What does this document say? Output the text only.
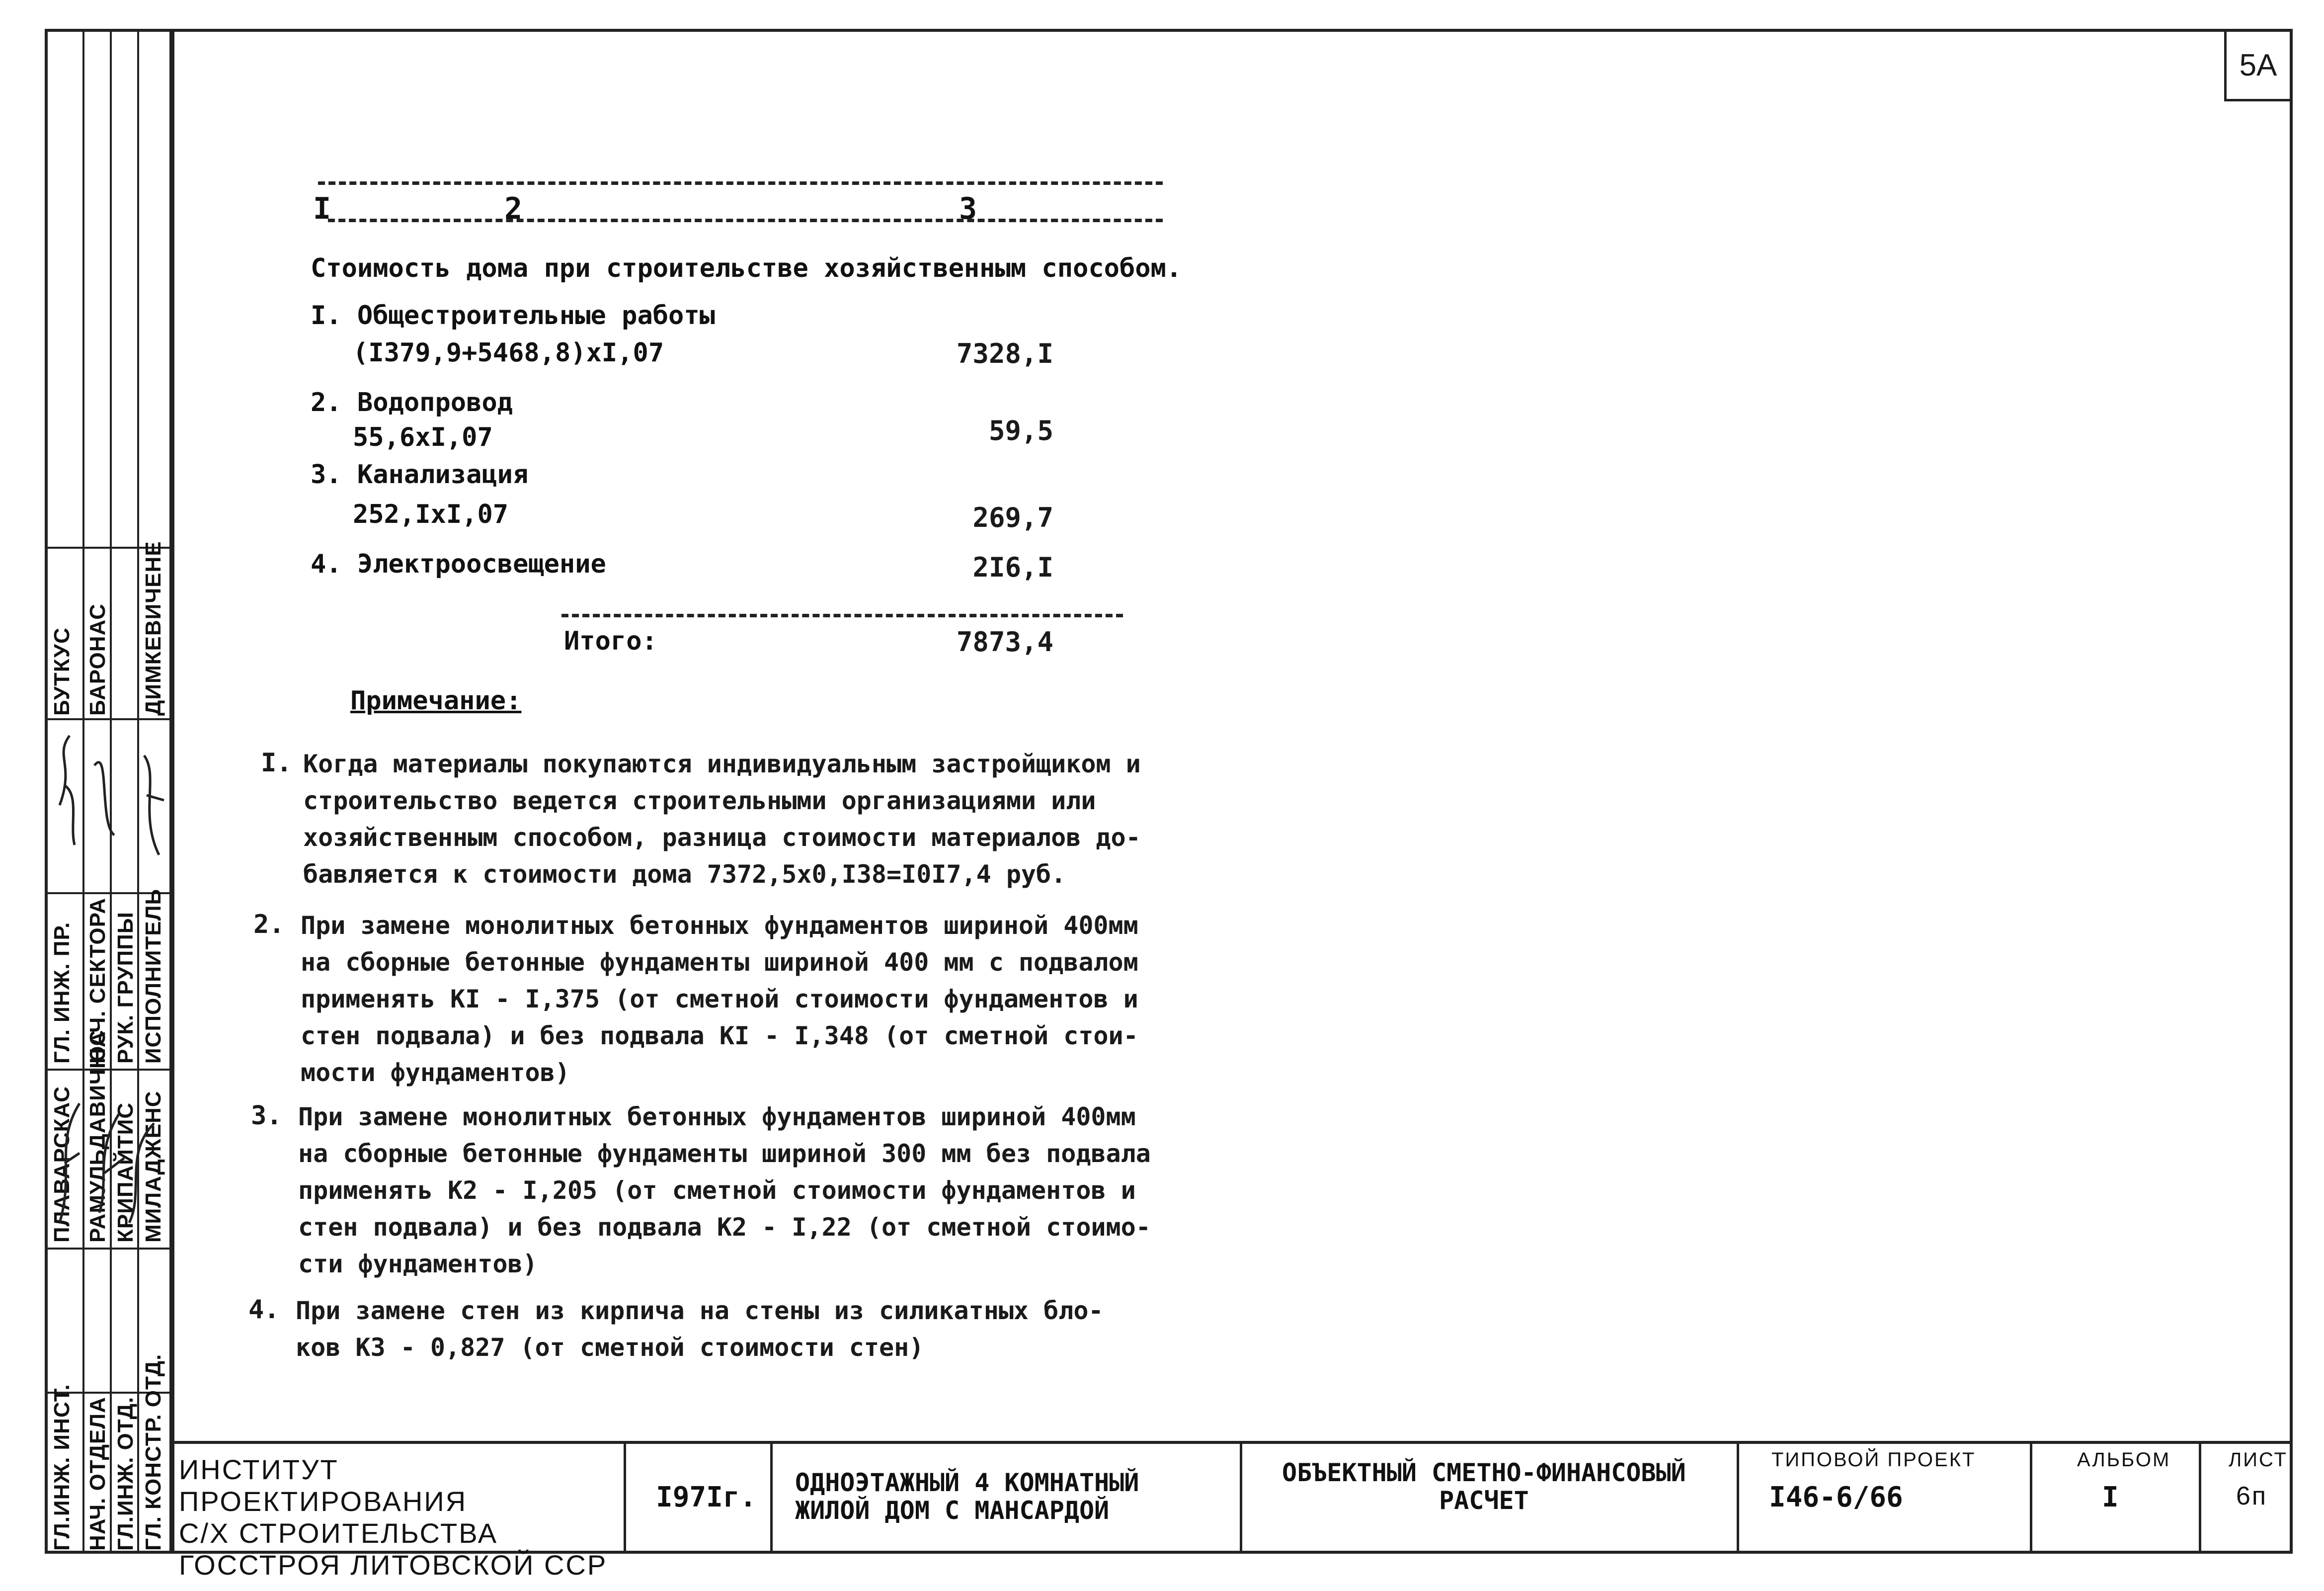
5А
ГЛ.ИНЖ. ИНСТ. НАЧ. ОТДЕЛА ГЛ.ИНЖ. ОТД. ГЛ. КОНСТР. ОТД.
ПЛАВАРСКАС РАМУЛЬДАВИЧЮС КРИПАЙТИС МИЛАДЖЕНС
ГЛ. ИНЖ. ПР. НАЧ. СЕКТОРА РУК. ГРУППЫ ИСПОЛНИТЕЛЬ
БУТКУС БАРОНАС ДИМКЕВИЧЕНЕ
I	2	3
Стоимость дома при строительстве хозяйственным способом.
I. Общестроительные работы
(I379,9+5468,8)xI,07	7328,I
2. Водопровод
55,6xI,07	59,5
3. Канализация
252,IxI,07	269,7
4. Электроосвещение	2I6,I
Итого:	7873,4
Примечание:
I. Когда материалы покупаются индивидуальным застройщиком и
строительство ведется строительными организациями или
хозяйственным способом, разница стоимости материалов до-
бавляется к стоимости дома 7372,5x0,I38=I0I7,4 руб.
2. При замене монолитных бетонных фундаментов шириной 400мм
на сборные бетонные фундаменты шириной 400 мм с подвалом
применять KI - I,375 (от сметной стоимости фундаментов и
стен подвала) и без подвала KI - I,348 (от сметной стои-
мости фундаментов)
3. При замене монолитных бетонных фундаментов шириной 400мм
на сборные бетонные фундаменты шириной 300 мм без подвала
применять K2 - I,205 (от сметной стоимости фундаментов и
стен подвала) и без подвала K2 - I,22 (от сметной стоимо-
сти фундаментов)
4. При замене стен из кирпича на стены из силикатных бло-
ков K3 - 0,827 (от сметной стоимости стен)
ИНСТИТУТ ПРОЕКТИРОВАНИЯ
С/Х СТРОИТЕЛЬСТВА
ГОССТРОЯ ЛИТОВСКОЙ ССР
I97Iг. ОДНОЭТАЖНЫЙ 4 КОМНАТНЫЙ
ЖИЛОЙ ДОМ С МАНСАРДОЙ
ОБЪЕКТНЫЙ СМЕТНО-ФИНАНСОВЫЙ
РАСЧЕТ
ТИПОВОЙ ПРОЕКТ
I46-6/66
АЛЬБОМ
I
ЛИСТ
6п
